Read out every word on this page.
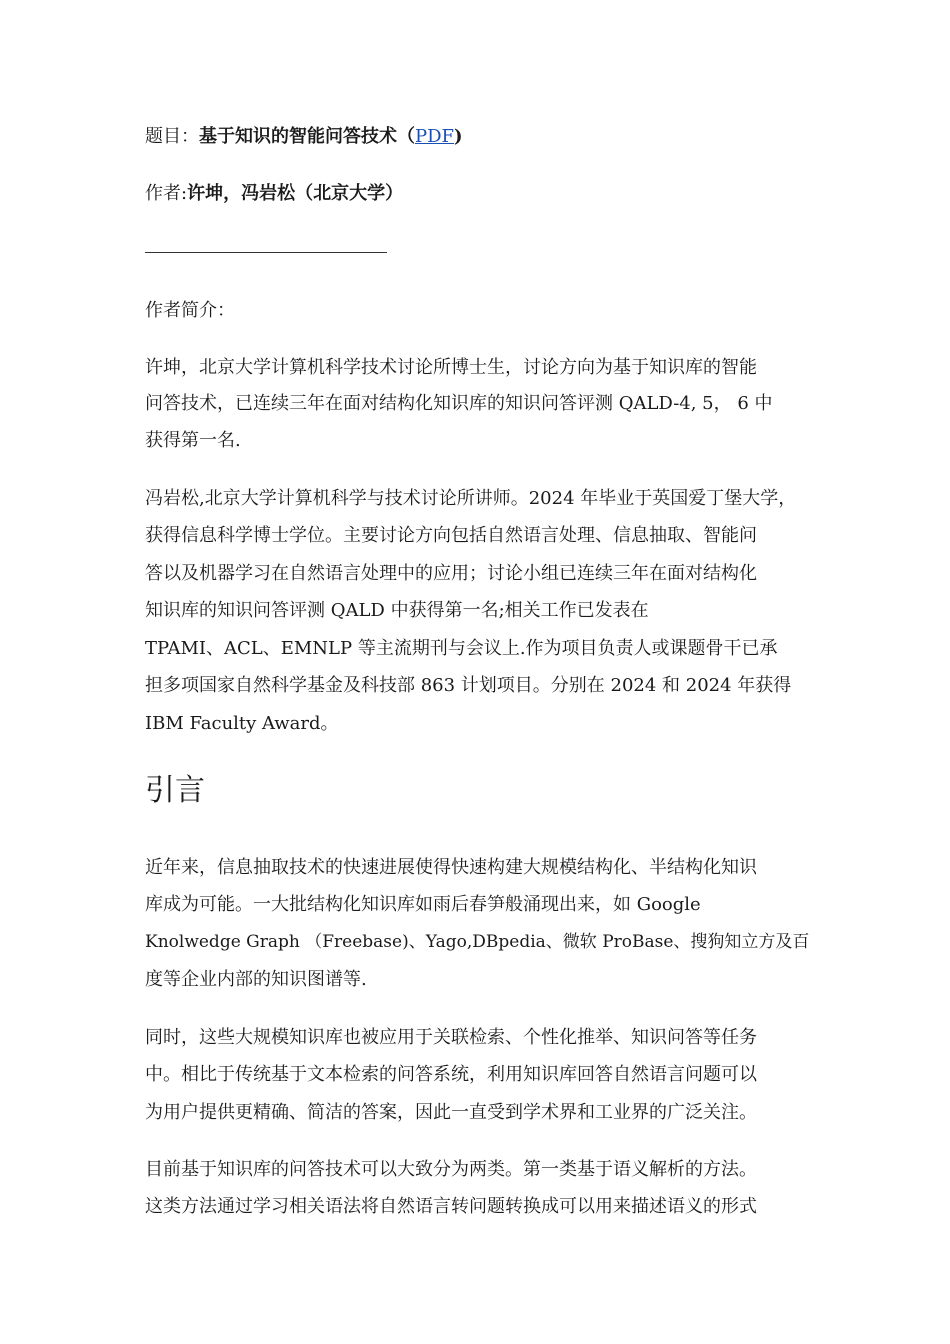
题目：基于知识的智能问答技术（PDF)
作者:许坤，冯岩松（北京大学）
作者简介：
许坤，北京大学计算机科学技术讨论所博士生，讨论方向为基于知识库的智能
问答技术，已连续三年在面对结构化知识库的知识问答评测 QALD-4, 5， 6 中
获得第一名.
冯岩松,北京大学计算机科学与技术讨论所讲师。2024 年毕业于英国爱丁堡大学，
获得信息科学博士学位。主要讨论方向包括自然语言处理、信息抽取、智能问
答以及机器学习在自然语言处理中的应用；讨论小组已连续三年在面对结构化
知识库的知识问答评测 QALD 中获得第一名;相关工作已发表在
TPAMI、ACL、EMNLP 等主流期刊与会议上.作为项目负责人或课题骨干已承
担多项国家自然科学基金及科技部 863 计划项目。分别在 2024 和 2024 年获得
IBM Faculty Award。
引言
近年来，信息抽取技术的快速进展使得快速构建大规模结构化、半结构化知识
库成为可能。一大批结构化知识库如雨后春笋般涌现出来，如 Google
Knolwedge Graph （Freebase)、Yago,DBpedia、微软 ProBase、搜狗知立方及百
度等企业内部的知识图谱等.
同时，这些大规模知识库也被应用于关联检索、个性化推举、知识问答等任务
中。相比于传统基于文本检索的问答系统，利用知识库回答自然语言问题可以
为用户提供更精确、简洁的答案，因此一直受到学术界和工业界的广泛关注。
目前基于知识库的问答技术可以大致分为两类。第一类基于语义解析的方法。
这类方法通过学习相关语法将自然语言转问题转换成可以用来描述语义的形式
